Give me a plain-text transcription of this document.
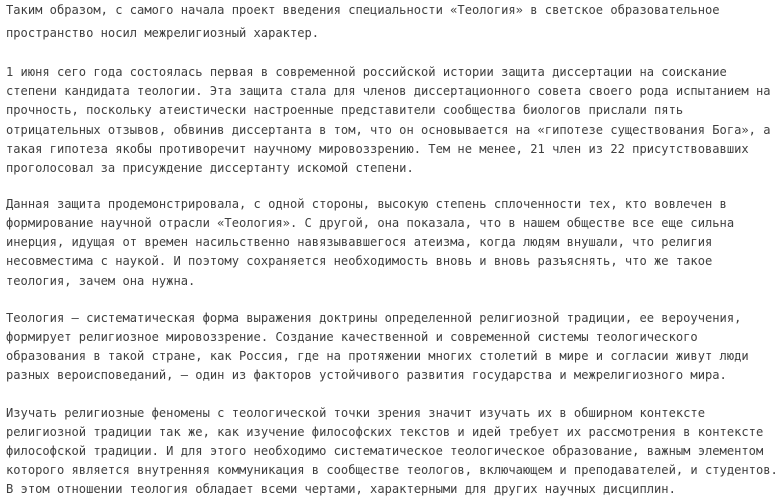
Таким образом, с самого начала проект введения специальности «Теология» в светское образовательное
пространство носил межрелигиозный характер.
1 июня сего года состоялась первая в современной российской истории защита диссертации на соискание
степени кандидата теологии. Эта защита стала для членов диссертационного совета своего рода испытанием на
прочность, поскольку атеистически настроенные представители сообщества биологов прислали пять
отрицательных отзывов, обвинив диссертанта в том, что он основывается на «гипотезе существования Бога», а
такая гипотеза якобы противоречит научному мировоззрению. Тем не менее, 21 член из 22 присутствовавших
проголосовал за присуждение диссертанту искомой степени.
Данная защита продемонстрировала, с одной стороны, высокую степень сплоченности тех, кто вовлечен в
формирование научной отрасли «Теология». С другой, она показала, что в нашем обществе все еще сильна
инерция, идущая от времен насильственно навязывавшегося атеизма, когда людям внушали, что религия
несовместима с наукой. И поэтому сохраняется необходимость вновь и вновь разъяснять, что же такое
теология, зачем она нужна.
Теология — систематическая форма выражения доктрины определенной религиозной традиции, ее вероучения,
формирует религиозное мировоззрение. Создание качественной и современной системы теологического
образования в такой стране, как Россия, где на протяжении многих столетий в мире и согласии живут люди
разных вероисповеданий, — один из факторов устойчивого развития государства и межрелигиозного мира.
Изучать религиозные феномены с теологической точки зрения значит изучать их в обширном контексте
религиозной традиции так же, как изучение философских текстов и идей требует их рассмотрения в контексте
философской традиции. И для этого необходимо систематическое теологическое образование, важным элементом
которого является внутренняя коммуникация в сообществе теологов, включающем и преподавателей, и студентов.
В этом отношении теология обладает всеми чертами, характерными для других научных дисциплин.
